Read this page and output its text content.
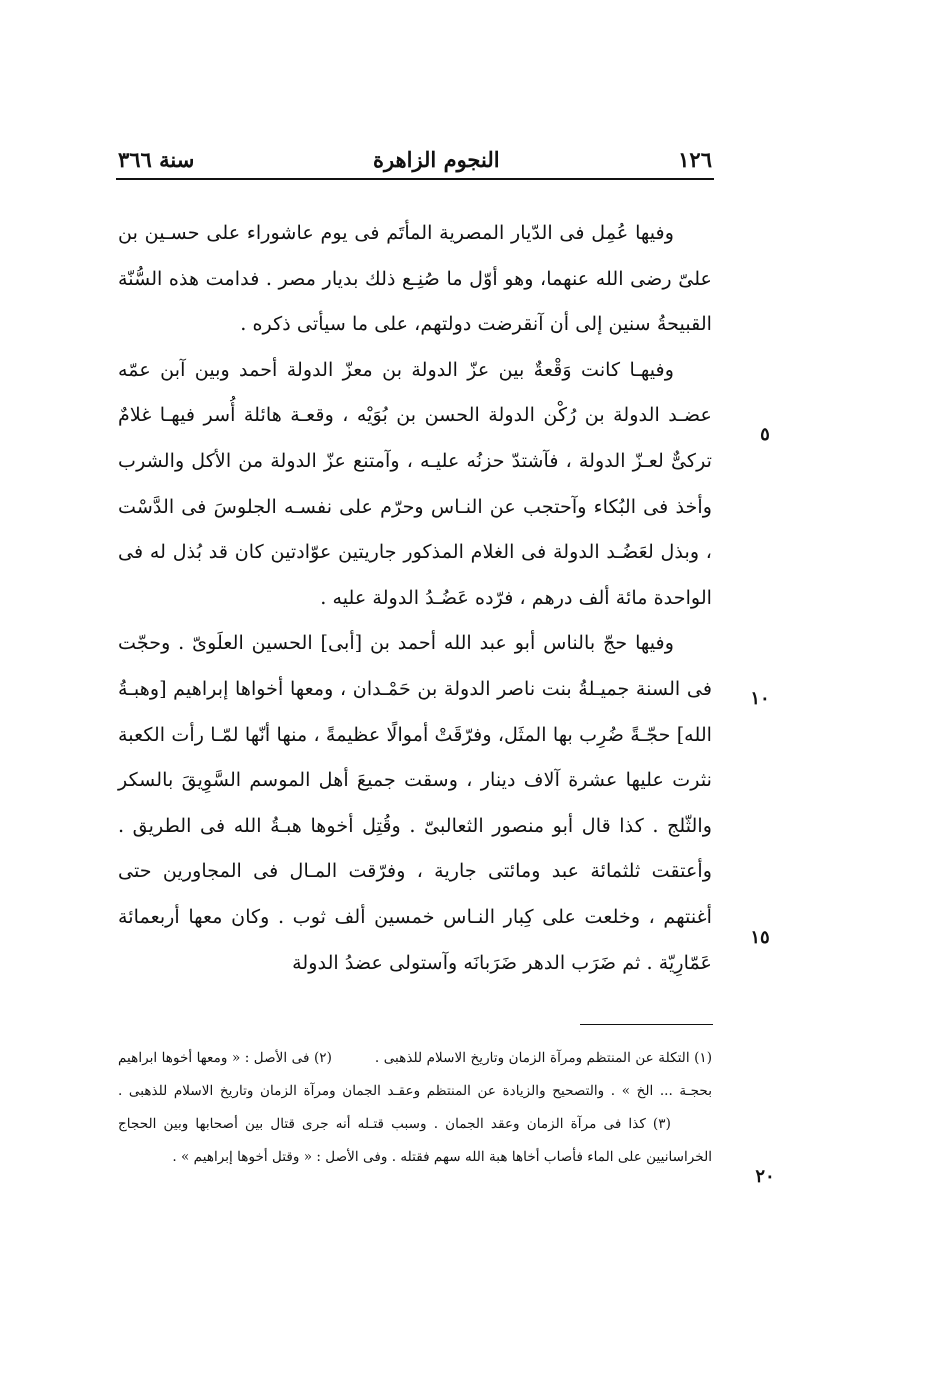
١٢٦
النجوم الزاهرة
سنة ٣٦٦

وفيها عُمِل فى الدّيار المصرية المأتَم فى يوم عاشوراء على حسـين بن علىّ رضى الله عنهما، وهو أوّل ما صُنِـع ذلك بديار مصر . فدامت هذه السُّنّة القبيحةُ سنين إلى أن آنقرضت دولتهم، على ما سيأتى ذكره .

وفيهـا كانت وَقْعةٌ بين عزّ الدولة بن معزّ الدولة أحمد وبين آبن عمّه عضـد الدولة بن رُكْن الدولة الحسن بن بُوَيْه ، وقعـة هائلة أُسر فيهـا غلامٌ تركىٌّ لعـزّ الدولة ، فآشتدّ حزنُه عليـه ، وآمتنع عزّ الدولة من الأكل والشرب وأخذ فى البُكاء وآحتجب عن النـاس وحرّم على نفسـه الجلوسَ فى الدَّسْت ، وبذل لعَضُـد الدولة فى الغلام المذكور جاريتين عوّادتين كان قد بُذل له فى الواحدة مائة ألف درهم ، فرّده عَضُـدُ الدولة عليه .

وفيها حجّ بالناس أبو عبد الله أحمد بن [أبى] الحسين العلَوىّ . وحجّت فى السنة جميـلةُ بنت ناصر الدولة بن حَمْـدان ، ومعها أخواها إبراهيم [وهبـةُ الله] حجّـةً ضُرِب بها المثَل، وفرّقَتْ أموالًا عظيمةً ، منها أنّها لمّـا رأت الكعبة نثرت عليها عشرة آلاف دينار ، وسقت جميعَ أهل الموسم السَّوِيقَ بالسكر والثّلج . كذا قال أبو منصور الثعالبىّ . وقُتِل أخوها هبـةُ الله فى الطريق . وأعتقت ثلثمائة عبد ومائتى جارية ، وفرّقت المـال فى المجاورين حتى أغنتهم ، وخلعت على كِبار النـاس خمسين ألف ثوب . وكان معها أربعمائة عَمّارِيّة . ثم ضَرَب الدهر ضَرَبانَه وآستولى عضدُ الدولة

٥
١٠
١٥
٢٠

(١) التكلة عن المنتظم ومرآة الزمان وتاريخ الاسلام للذهبى .  (٢) فى الأصل : « ومعها أخوها ابراهيم بحجـة ... الخ » . والتصحيح والزيادة عن المنتظم وعقـد الجمان ومرآة الزمان وتاريخ الاسلام للذهبى .  (٣) كذا فى مرآة الزمان وعقد الجمان . وسبب قتـله أنه جرى قتال بين أصحابها وبين الحجاج الخراسانيين على الماء فأصاب أخاها هبة الله سهم فقتله . وفى الأصل : « وقتل أخوها إبراهيم » .
